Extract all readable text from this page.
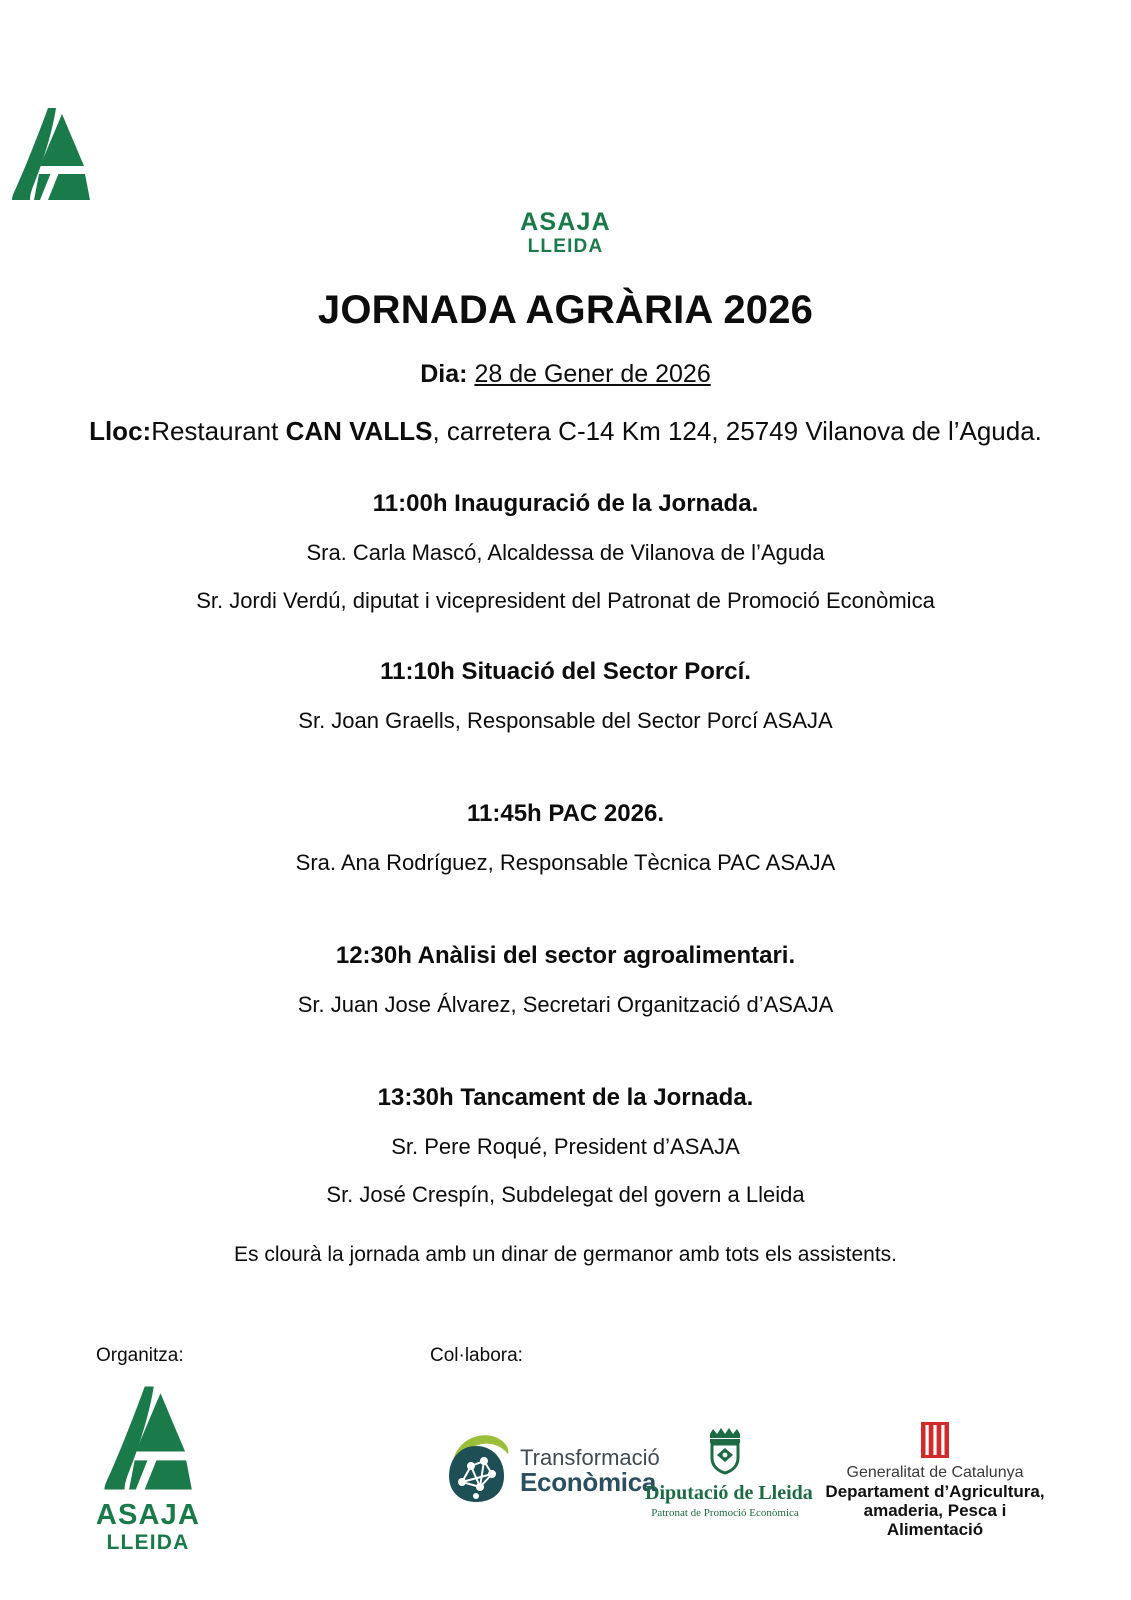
ASAJA
LLEIDA
JORNADA AGRÀRIA 2026
Dia: 28 de Gener de 2026
Lloc:Restaurant CAN VALLS, carretera C-14 Km 124, 25749 Vilanova de l’Aguda.

11:00h Inauguració de la Jornada.

Sra. Carla Mascó, Alcaldessa de Vilanova de l’Aguda

Sr. Jordi Verdú, diputat i vicepresident del Patronat de Promoció Econòmica

11:10h Situació del Sector Porcí.

Sr. Joan Graells, Responsable del Sector Porcí ASAJA

11:45h PAC 2026.

Sra. Ana Rodríguez, Responsable Tècnica PAC ASAJA

12:30h Anàlisi del sector agroalimentari.

Sr. Juan Jose Álvarez, Secretari Organització d’ASAJA

13:30h Tancament de la Jornada.

Sr. Pere Roqué, President d’ASAJA

Sr. José Crespín, Subdelegat del govern a Lleida

Es clourà la jornada amb un dinar de germanor amb tots els assistents.
Organitza:	Col·labora:
ASAJA
LLEIDA
Transformació
Econòmica
Diputació de Lleida
Patronat de Promoció Econòmica
Generalitat de Catalunya
Departament d’Agricultura,
amaderia, Pesca i Alimentació
